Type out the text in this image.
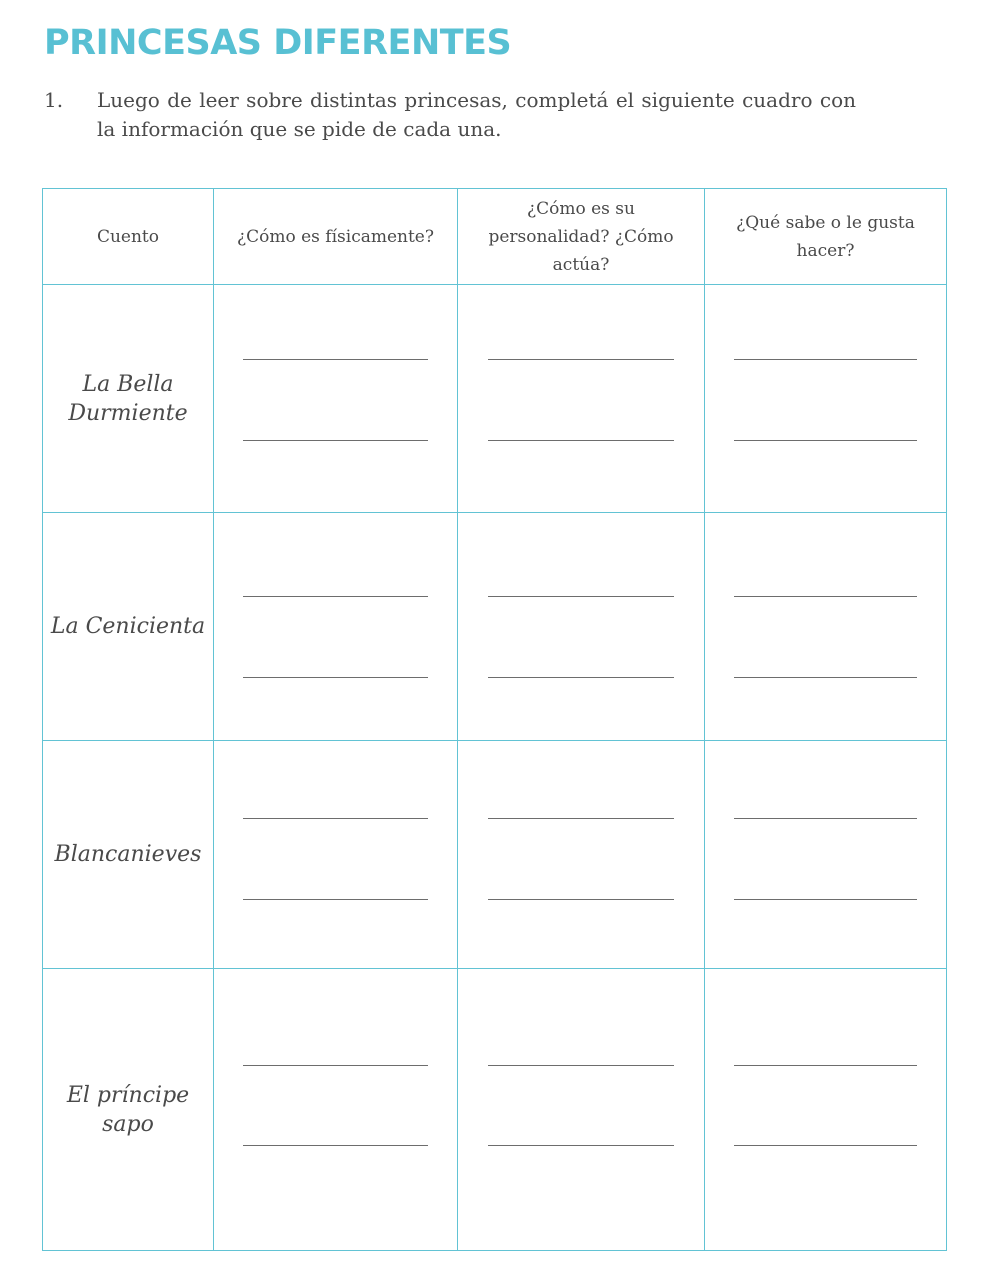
PRINCESAS DIFERENTES
1.	Luego de leer sobre distintas princesas, completá el siguiente cuadro con la información que se pide de cada una.
Cuento	¿Cómo es físicamente?	¿Cómo es su personalidad? ¿Cómo actúa?	¿Qué sabe o le gusta hacer?
La Bella Durmiente	

La Cenicienta	

Blancanieves	

El príncipe sapo	
